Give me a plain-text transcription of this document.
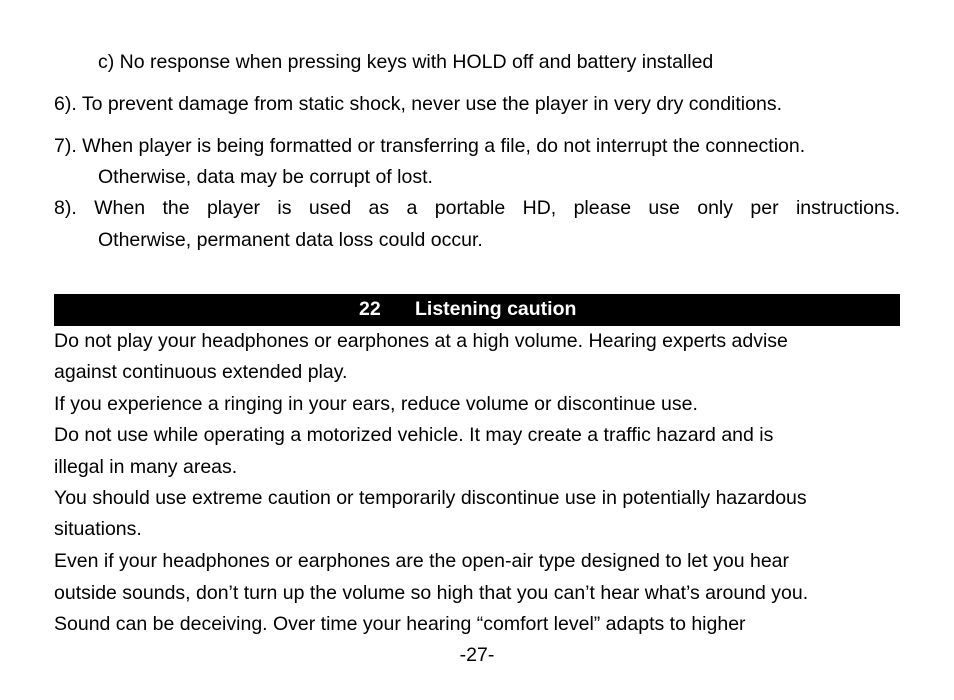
c) No response when pressing keys with HOLD off and battery installed
6). To prevent damage from static shock, never use the player in very dry conditions.
7). When player is being formatted or transferring a file, do not interrupt the connection.
Otherwise, data may be corrupt of lost.
8). When the player is used as a portable HD, please use only per instructions.
Otherwise, permanent data loss could occur.
22 Listening caution
Do not play your headphones or earphones at a high volume. Hearing experts advise
against continuous extended play.
If you experience a ringing in your ears, reduce volume or discontinue use.
Do not use while operating a motorized vehicle. It may create a traffic hazard and is
illegal in many areas.
You should use extreme caution or temporarily discontinue use in potentially hazardous
situations.
Even if your headphones or earphones are the open-air type designed to let you hear
outside sounds, don’t turn up the volume so high that you can’t hear what’s around you.
Sound can be deceiving. Over time your hearing “comfort level” adapts to higher
-27-
